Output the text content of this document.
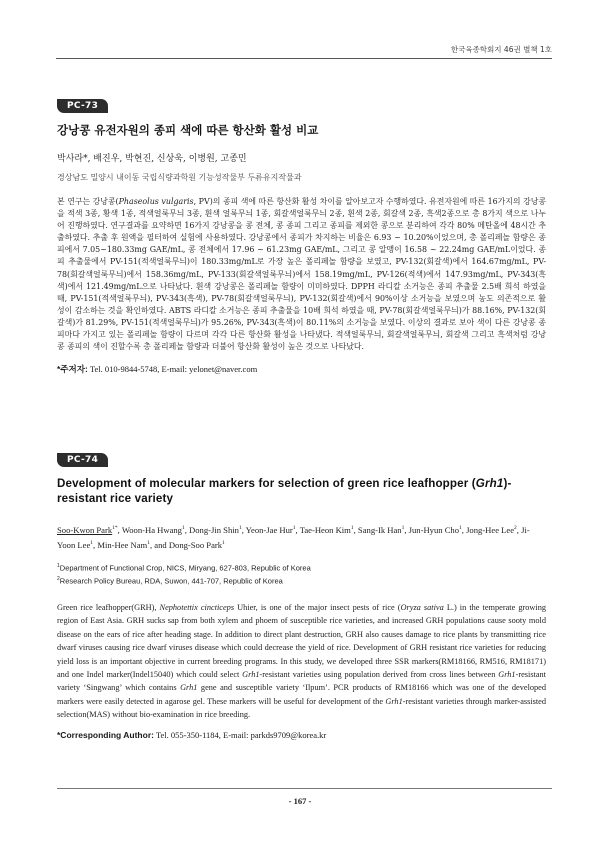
한국육종학회지 46권 별책 1호
PC-73
강낭콩 유전자원의 종피 색에 따른 항산화 활성 비교
박사라*, 배진우, 박현진, 신상욱, 이병원, 고종민
경상남도 밀양시 내이동 국립식량과학원 기능성작물부 두류유지작물과
본 연구는 강낭콩(Phaseolus vulgaris, PV)의 종피 색에 따른 항산화 활성 차이를 알아보고자 수행하였다. 유전자원에 따른 16가지의 강낭콩을 적색 3종, 황색 1종, 적색얼룩무늬 3종, 흰색 얼룩무늬 1종, 회갈색얼룩무늬 2종, 흰색 2종, 회갈색 2종, 흑색2종으로 총 8가지 색으로 나누어 진행하였다. 연구결과를 요약하면 16가지 강낭콩을 콩 전체, 콩 종피 그리고 종피를 제외한 콩으로 분리하여 각각 80% 메탄올에 48시간 추출하였다. 추출 후 원액을 필터하여 실험에 사용하였다. 강낭콩에서 종피가 차지하는 비율은 6.93 ~ 10.20%이었으며, 총 폴리페놀 함량은 종피에서 7.05~180.33mg GAE/mL, 콩 전체에서 17.96 ~ 61.23mg GAE/mL, 그리고 콩 알맹이 16.58 ~ 22.24mg GAE/mL이었다. 종피 추출물에서 PV-151(적색얼룩무늬)이 180.33mg/mL로 가장 높은 폴리페놀 함량을 보였고, PV-132(회갈색)에서 164.67mg/mL, PV-78(회갈색얼룩무늬)에서 158.36mg/mL, PV-133(회갈색얼룩무늬)에서 158.19mg/mL, PV-126(적색)에서 147.93mg/mL, PV-343(흑색)에서 121.49mg/mL으로 나타났다. 흰색 강낭콩은 폴리페놀 함량이 미미하였다. DPPH 라디칼 소거능은 종피 추출물 2.5배 희석 하였을 때, PV-151(적색얼룩무늬), PV-343(흑색), PV-78(회갈색얼룩무늬), PV-132(회갈색)에서 90%이상 소거능을 보였으며 농도 의존적으로 활성이 감소하는 것을 확인하였다. ABTS 라디칼 소거능은 종피 추출물을 10배 희석 하였을 때, PV-78(회갈색얼룩무늬)가 88.16%, PV-132(회갈색)가 81.29%, PV-151(적색얼룩무늬)가 95.26%, PV-343(흑색)이 80.11%의 소거능을 보였다. 이상의 결과로 보아 색이 다른 강낭콩 종피마다 가지고 있는 폴리페놀 함량이 다르며 각각 다른 항산화 활성을 나타냈다. 적색얼룩무늬, 회갈색얼룩무늬, 회갈색 그리고 흑색처럼 강낭콩 종피의 색이 진할수록 총 폴리페놀 함량과 더불어 항산화 활성이 높은 것으로 나타났다.
*주저자: Tel. 010-9844-5748, E-mail: yelonet@naver.com
PC-74
Development of molecular markers for selection of green rice leafhopper (Grh1)-resistant rice variety
Soo-Kwon Park$^{1*}$, Woon-Ha Hwang$^1$, Dong-Jin Shin$^1$, Yeon-Jae Hur$^1$, Tae-Heon Kim$^1$, Sang-Ik Han$^1$, Jun-Hyun Cho$^1$, Jong-Hee Lee$^2$, Ji-Yoon Lee$^1$, Min-Hee Nam$^1$, and Dong-Soo Park$^1$
$^1$Department of Functional Crop, NICS, Miryang, 627-803, Republic of Korea
$^2$Research Policy Bureau, RDA, Suwon, 441-707, Republic of Korea
Green rice leafhopper(GRH), Nephotettix cincticeps Uhier, is one of the major insect pests of rice (Oryza sativa L.) in the temperate growing region of East Asia. GRH sucks sap from both xylem and phoem of susceptible rice varieties, and increased GRH populations cause sooty mold disease on the ears of rice after heading stage. In addition to direct plant destruction, GRH also causes damage to rice plants by transmitting rice dwarf viruses causing rice dwarf viruses disease which could decrease the yield of rice. Development of GRH resistant rice varieties for reducing yield loss is an important objective in current breeding programs. In this study, we developed three SSR markers(RM18166, RM516, RM18171) and one Indel marker(Indel15040) which could select Grh1-resistant varieties using population derived from cross lines between Grh1-resistant variety ‘Singwang’ which contains Grh1 gene and susceptible variety ‘Ilpum’. PCR products of RM18166 which was one of the developed markers were easily detected in agarose gel. These markers will be useful for development of the Grh1-resistant varieties through marker-assisted selection(MAS) without bio-examination in rice breeding.
*Corresponding Author: Tel. 055-350-1184, E-mail: parkds9709@korea.kr
- 167 -
